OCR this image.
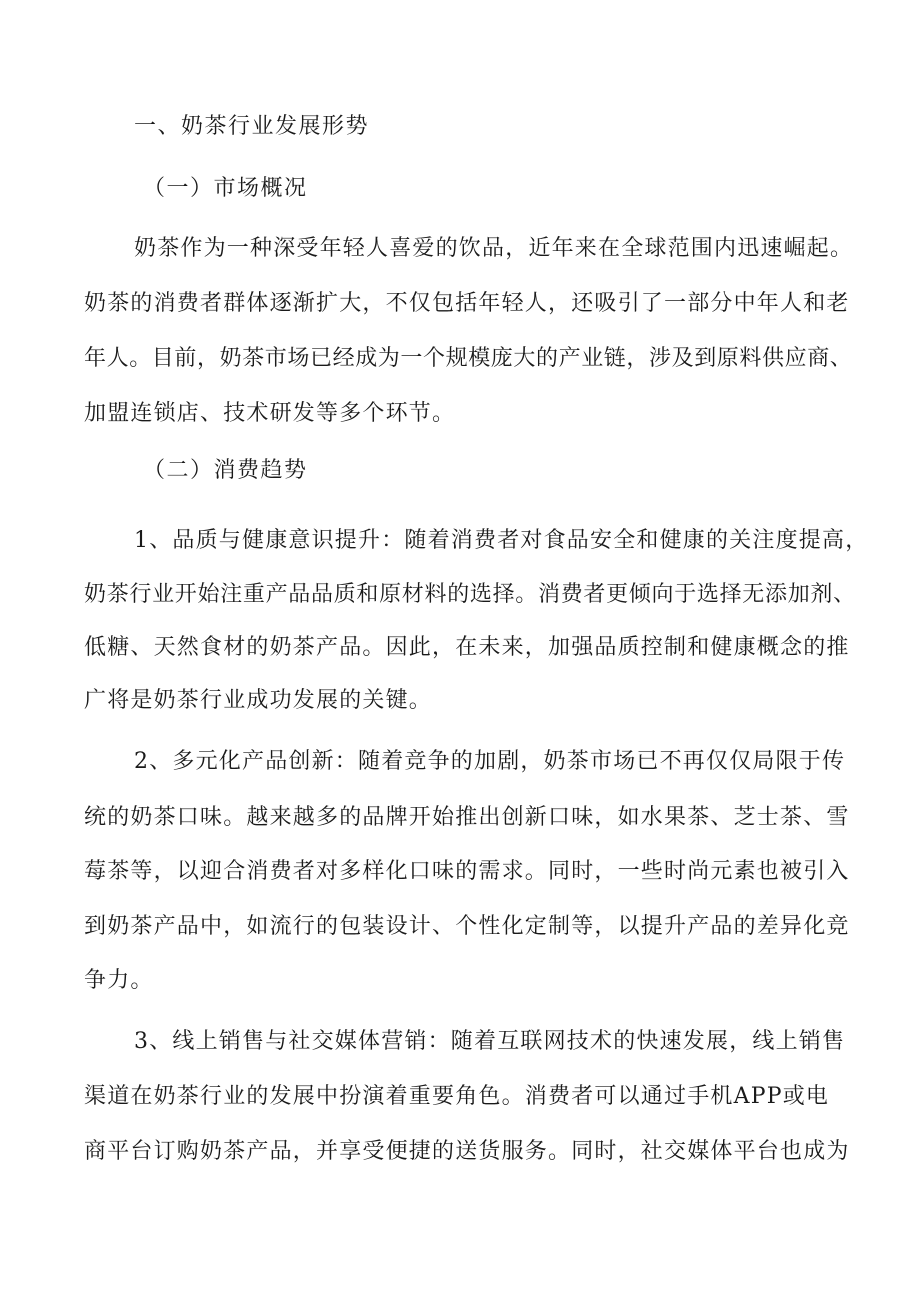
一、奶茶行业发展形势
（一）市场概况
奶茶作为一种深受年轻人喜爱的饮品，近年来在全球范围内迅速崛起。
奶茶的消费者群体逐渐扩大，不仅包括年轻人，还吸引了一部分中年人和老
年人。目前，奶茶市场已经成为一个规模庞大的产业链，涉及到原料供应商、
加盟连锁店、技术研发等多个环节。
（二）消费趋势
1、品质与健康意识提升：随着消费者对食品安全和健康的关注度提高，
奶茶行业开始注重产品品质和原材料的选择。消费者更倾向于选择无添加剂、
低糖、天然食材的奶茶产品。因此，在未来，加强品质控制和健康概念的推
广将是奶茶行业成功发展的关键。
2、多元化产品创新：随着竞争的加剧，奶茶市场已不再仅仅局限于传
统的奶茶口味。越来越多的品牌开始推出创新口味，如水果茶、芝士茶、雪
莓茶等，以迎合消费者对多样化口味的需求。同时，一些时尚元素也被引入
到奶茶产品中，如流行的包装设计、个性化定制等，以提升产品的差异化竞
争力。
3、线上销售与社交媒体营销：随着互联网技术的快速发展，线上销售
渠道在奶茶行业的发展中扮演着重要角色。消费者可以通过手机APP或电
商平台订购奶茶产品，并享受便捷的送货服务。同时，社交媒体平台也成为
